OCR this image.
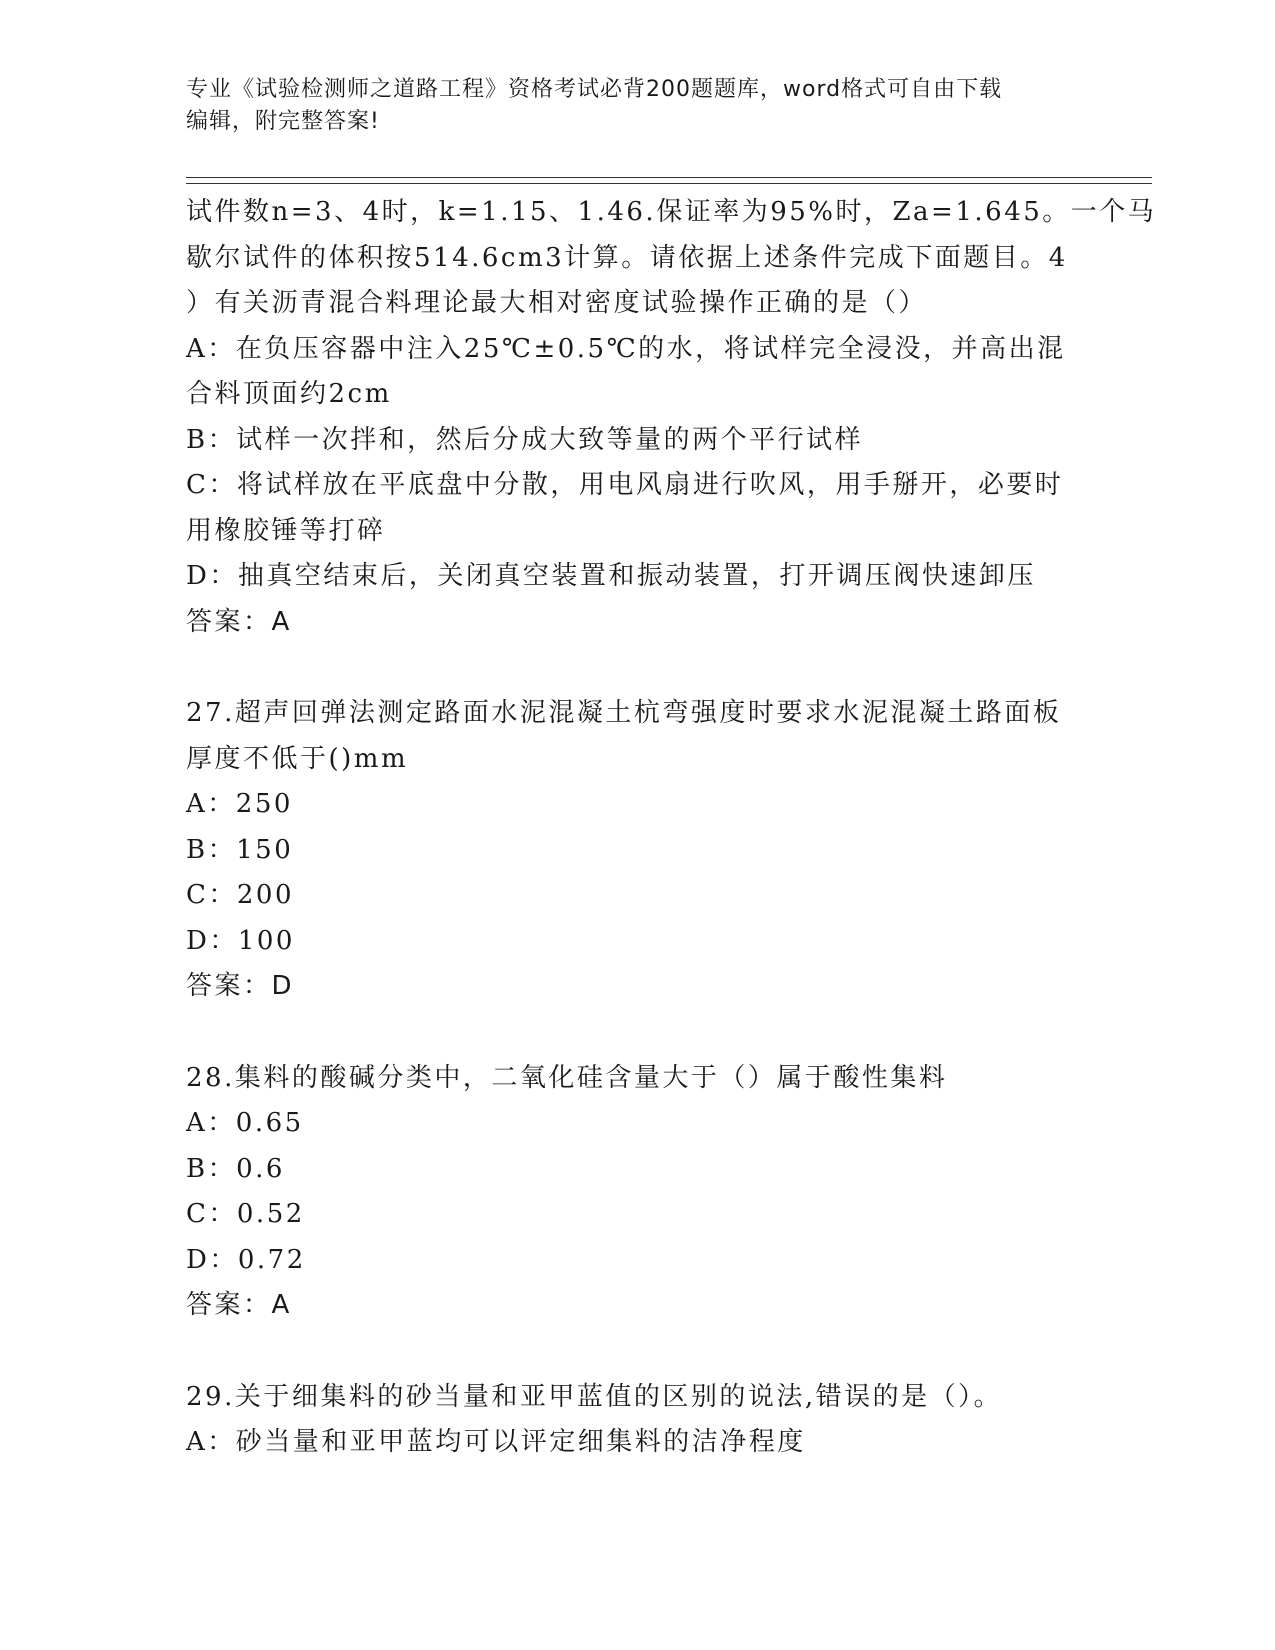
专业《试验检测师之道路工程》资格考试必背200题题库，word格式可自由下载
编辑，附完整答案!
试件数n=3、4时，k=1.15、1.46.保证率为95%时，Za=1.645。一个马
歇尔试件的体积按514.6cm3计算。请依据上述条件完成下面题目。4
）有关沥青混合料理论最大相对密度试验操作正确的是（）
A：在负压容器中注入25℃±0.5℃的水，将试样完全浸没，并高出混
合料顶面约2cm
B：试样一次拌和，然后分成大致等量的两个平行试样
C：将试样放在平底盘中分散，用电风扇进行吹风，用手掰开，必要时
用橡胶锤等打碎
D：抽真空结束后，关闭真空装置和振动装置，打开调压阀快速卸压
答案：A
27.超声回弹法测定路面水泥混凝土杭弯强度时要求水泥混凝土路面板
厚度不低于()mm
A：250
B：150
C：200
D：100
答案：D
28.集料的酸碱分类中，二氧化硅含量大于（）属于酸性集料
A：0.65
B：0.6
C：0.52
D：0.72
答案：A
29.关于细集料的砂当量和亚甲蓝值的区别的说法,错误的是（）。
A：砂当量和亚甲蓝均可以评定细集料的洁净程度
